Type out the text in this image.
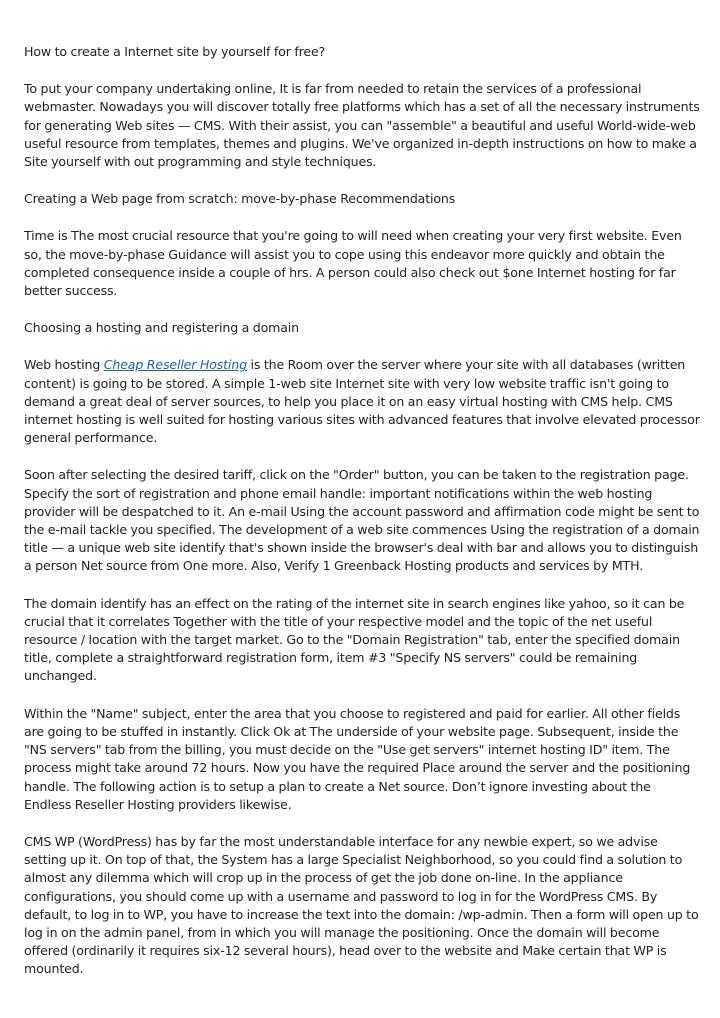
How to create a Internet site by yourself for free?

To put your company undertaking online, It is far from needed to retain the services of a professional webmaster. Nowadays you will discover totally free platforms which has a set of all the necessary instruments for generating Web sites — CMS. With their assist, you can "assemble" a beautiful and useful World-wide-web useful resource from templates, themes and plugins. We've organized in-depth instructions on how to make a Site yourself with out programming and style techniques.

Creating a Web page from scratch: move-by-phase Recommendations

Time is The most crucial resource that you're going to will need when creating your very first website. Even so, the move-by-phase Guidance will assist you to cope using this endeavor more quickly and obtain the completed consequence inside a couple of hrs. A person could also check out $one Internet hosting for far better success.

Choosing a hosting and registering a domain

Web hosting Cheap Reseller Hosting is the Room over the server where your site with all databases (written content) is going to be stored. A simple 1-web site Internet site with very low website traffic isn't going to demand a great deal of server sources, to help you place it on an easy virtual hosting with CMS help. CMS internet hosting is well suited for hosting various sites with advanced features that involve elevated processor general performance.

Soon after selecting the desired tariff, click on the "Order" button, you can be taken to the registration page. Specify the sort of registration and phone email handle: important notifications within the web hosting provider will be despatched to it. An e-mail Using the account password and affirmation code might be sent to the e-mail tackle you specified. The development of a web site commences Using the registration of a domain title — a unique web site identify that's shown inside the browser's deal with bar and allows you to distinguish a person Net source from One more. Also, Verify 1 Greenback Hosting products and services by MTH.

The domain identify has an effect on the rating of the internet site in search engines like yahoo, so it can be crucial that it correlates Together with the title of your respective model and the topic of the net useful resource / location with the target market. Go to the "Domain Registration" tab, enter the specified domain title, complete a straightforward registration form, item #3 "Specify NS servers" could be remaining unchanged.

Within the "Name" subject, enter the area that you choose to registered and paid for earlier. All other fields are going to be stuffed in instantly. Click Ok at The underside of your website page. Subsequent, inside the "NS servers" tab from the billing, you must decide on the "Use get servers" internet hosting ID" item. The process might take around 72 hours. Now you have the required Place around the server and the positioning handle. The following action is to setup a plan to create a Net source. Don’t ignore investing about the Endless Reseller Hosting providers likewise.

CMS WP (WordPress) has by far the most understandable interface for any newbie expert, so we advise setting up it. On top of that, the System has a large Specialist Neighborhood, so you could find a solution to almost any dilemma which will crop up in the process of get the job done on-line. In the appliance configurations, you should come up with a username and password to log in for the WordPress CMS. By default, to log in to WP, you have to increase the text into the domain: /wp-admin. Then a form will open up to log in on the admin panel, from in which you will manage the positioning. Once the domain will become offered (ordinarily it requires six-12 several hours), head over to the website and Make certain that WP is mounted.
